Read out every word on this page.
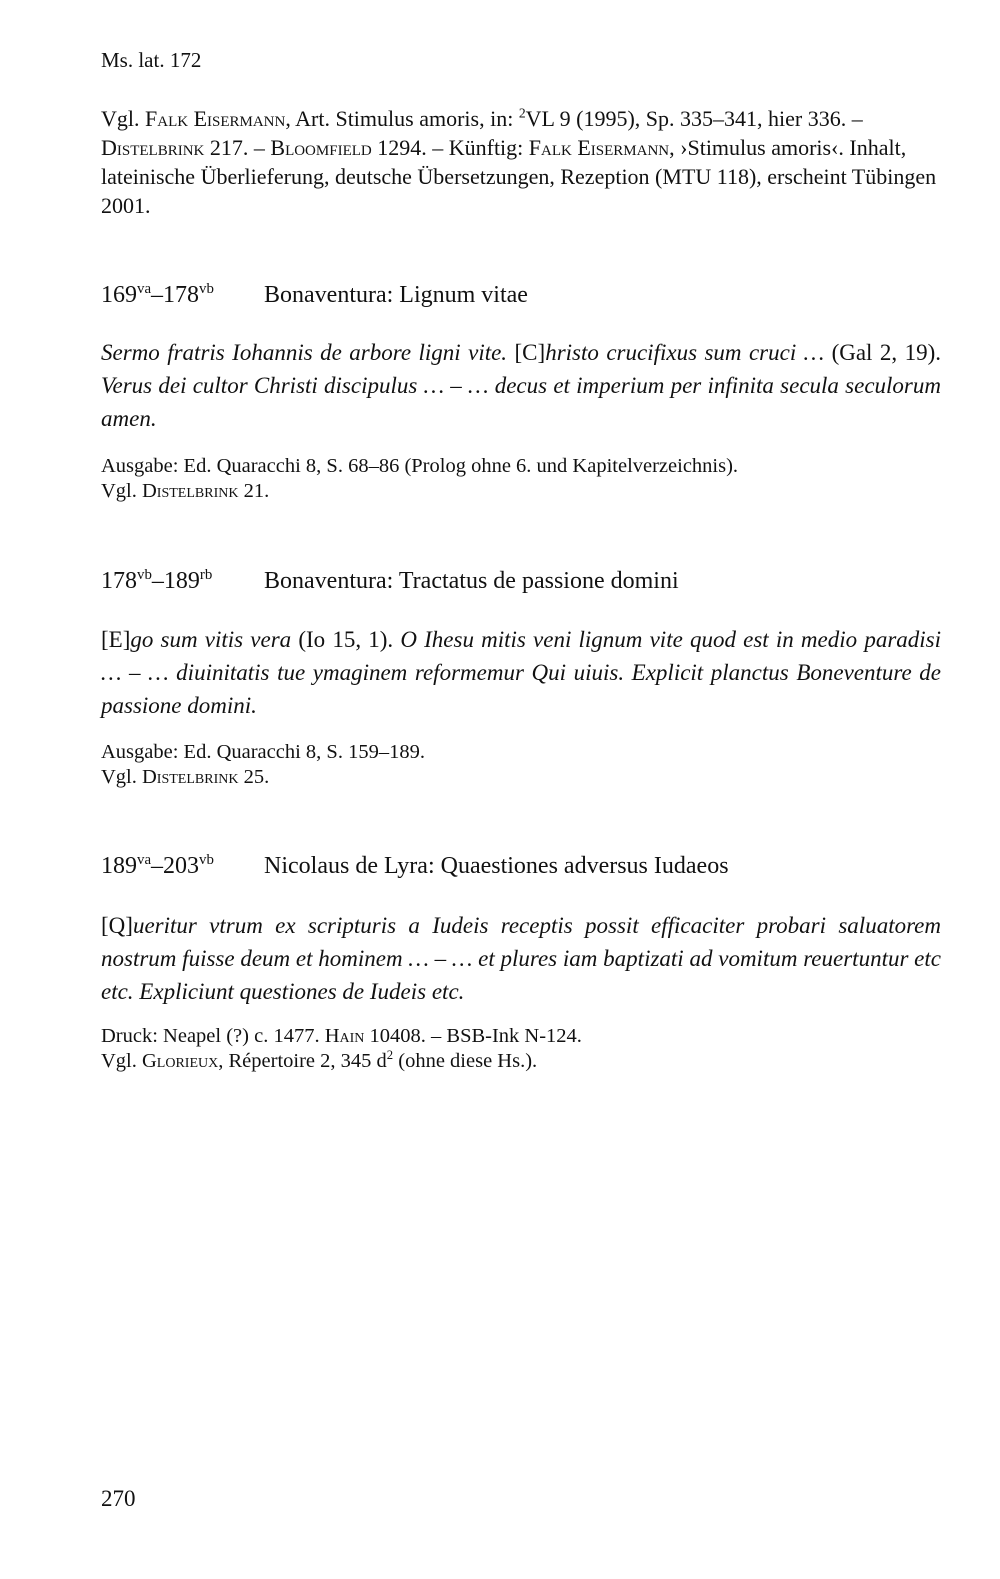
Ms. lat. 172
Vgl. Falk Eisermann, Art. Stimulus amoris, in: $^2$VL 9 (1995), Sp. 335–341, hier 336. – Distelbrink 217. – Bloomfield 1294. – Künftig: Falk Eisermann, ›Stimulus amoris‹. Inhalt, lateinische Überlieferung, deutsche Übersetzungen, Rezeption (MTU 118), erscheint Tübingen 2001.
$169^{va}-178^{vb}$ Bonaventura: Lignum vitae
Sermo fratris Iohannis de arbore ligni vite. [C]hristo crucifixus sum cruci … (Gal 2, 19). Verus dei cultor Christi discipulus … – … decus et imperium per infinita secula seculorum amen.
Ausgabe: Ed. Quaracchi 8, S. 68–86 (Prolog ohne 6. und Kapitelverzeichnis).
Vgl. Distelbrink 21.
$178^{vb}-189^{rb}$ Bonaventura: Tractatus de passione domini
[E]go sum vitis vera (Io 15, 1). O Ihesu mitis veni lignum vite quod est in medio paradisi … – … diuinitatis tue ymaginem reformemur Qui uiuis. Explicit planctus Boneventure de passione domini.
Ausgabe: Ed. Quaracchi 8, S. 159–189.
Vgl. Distelbrink 25.
$189^{va}-203^{vb}$ Nicolaus de Lyra: Quaestiones adversus Iudaeos
[Q]ueritur vtrum ex scripturis a Iudeis receptis possit efficaciter probari saluatorem nostrum fuisse deum et hominem … – … et plures iam baptizati ad vomitum reuertuntur etc etc. Expliciunt questiones de Iudeis etc.
Druck: Neapel (?) c. 1477. Hain 10408. – BSB-Ink N-124.
Vgl. Glorieux, Répertoire 2, 345 $d^2$ (ohne diese Hs.).
270
